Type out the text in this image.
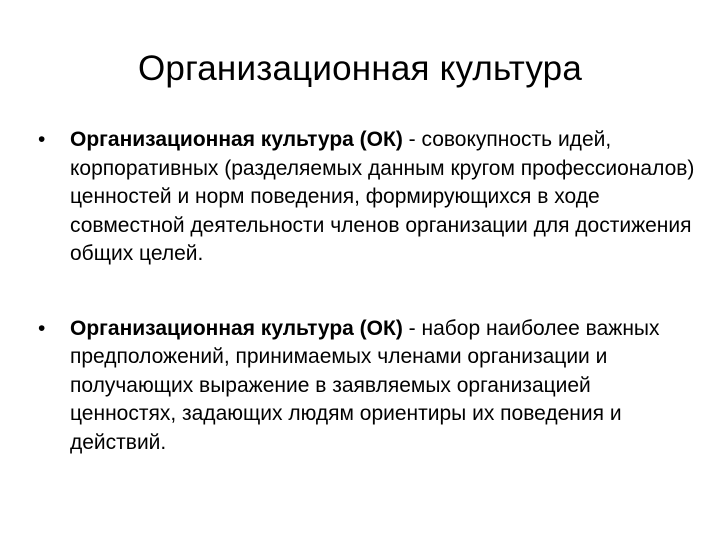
Организационная культура
• Организационная культура (ОК) - совокупность идей, корпоративных (разделяемых данным кругом профессионалов) ценностей и норм поведения, формирующихся в ходе совместной деятельности членов организации для достижения общих целей.
• Организационная культура (ОК) - набор наиболее важных предположений, принимаемых членами организации и получающих выражение в заявляемых организацией ценностях, задающих людям ориентиры их поведения и действий.
